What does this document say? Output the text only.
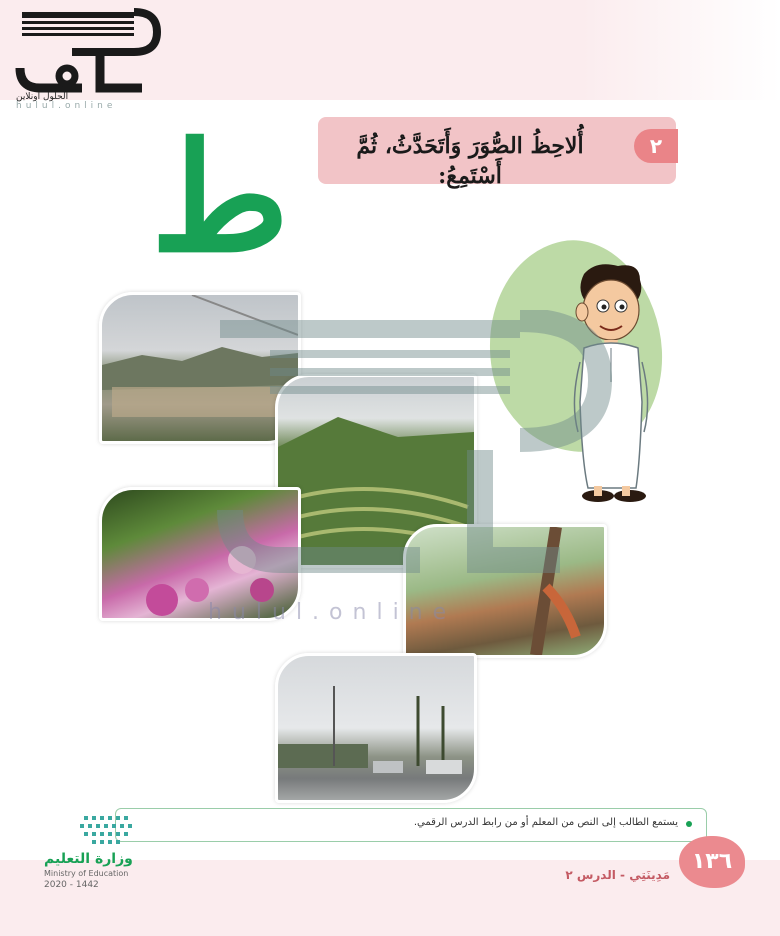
الحلول اونلاين
hulul.online
أُلاحِظُ الصُّوَرَ وَأَتَحَدَّثُ، ثُمَّ أَسْتَمِعُ:
٢
ط
hulul.online
يستمع الطالب إلى النص من المعلم أو من رابط الدرس الرقمي.
١٣٦
مَدِينَتِي - الدرس ٢
وزارة التعليم
Ministry of Education
2020 - 1442
